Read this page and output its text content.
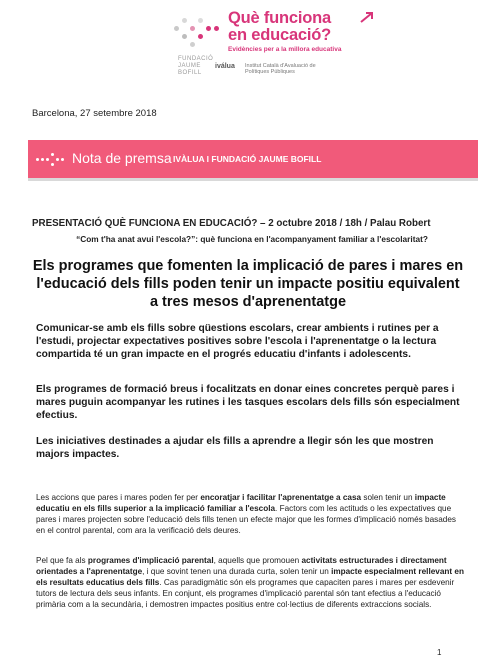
Què funciona
en educació?
Evidències per a la millora educativa
FUNDACIÓ JAUME BOFILL
iválua Institut Català d'Avaluació de Polítiques Públiques
Barcelona, 27 setembre 2018
Nota de premsa IVÀLUA I FUNDACIÓ JAUME BOFILL
PRESENTACIÓ QUÈ FUNCIONA EN EDUCACIÓ? – 2 octubre 2018 / 18h / Palau Robert
“Com t'ha anat avui l'escola?”: què funciona en l'acompanyament familiar a l'escolaritat?
Els programes que fomenten la implicació de pares i mares en l'educació dels fills poden tenir un impacte positiu equivalent a tres mesos d'aprenentatge

Comunicar-se amb els fills sobre qüestions escolars, crear ambients i rutines per a l'estudi, projectar expectatives positives sobre l'escola i l'aprenentatge o la lectura compartida té un gran impacte en el progrés educatiu d'infants i adolescents.

Els programes de formació breus i focalitzats en donar eines concretes perquè pares i mares puguin acompanyar les rutines i les tasques escolars dels fills són especialment efectius.

Les iniciatives destinades a ajudar els fills a aprendre a llegir són les que mostren majors impactes.

Les accions que pares i mares poden fer per encoratjar i facilitar l'aprenentatge a casa solen tenir un impacte educatiu en els fills superior a la implicació familiar a l'escola. Factors com les actituds o les expectatives que pares i mares projecten sobre l'educació dels fills tenen un efecte major que les formes d'implicació només basades en el control parental, com ara la verificació dels deures.

Pel que fa als programes d'implicació parental, aquells que promouen activitats estructurades i directament orientades a l'aprenentatge, i que sovint tenen una durada curta, solen tenir un impacte especialment rellevant en els resultats educatius dels fills. Cas paradigmàtic són els programes que capaciten pares i mares per esdevenir tutors de lectura dels seus infants. En conjunt, els programes d'implicació parental són tant efectius a l'educació primària com a la secundària, i demostren impactes positius entre col·lectius de diferents extraccions socials.

1
